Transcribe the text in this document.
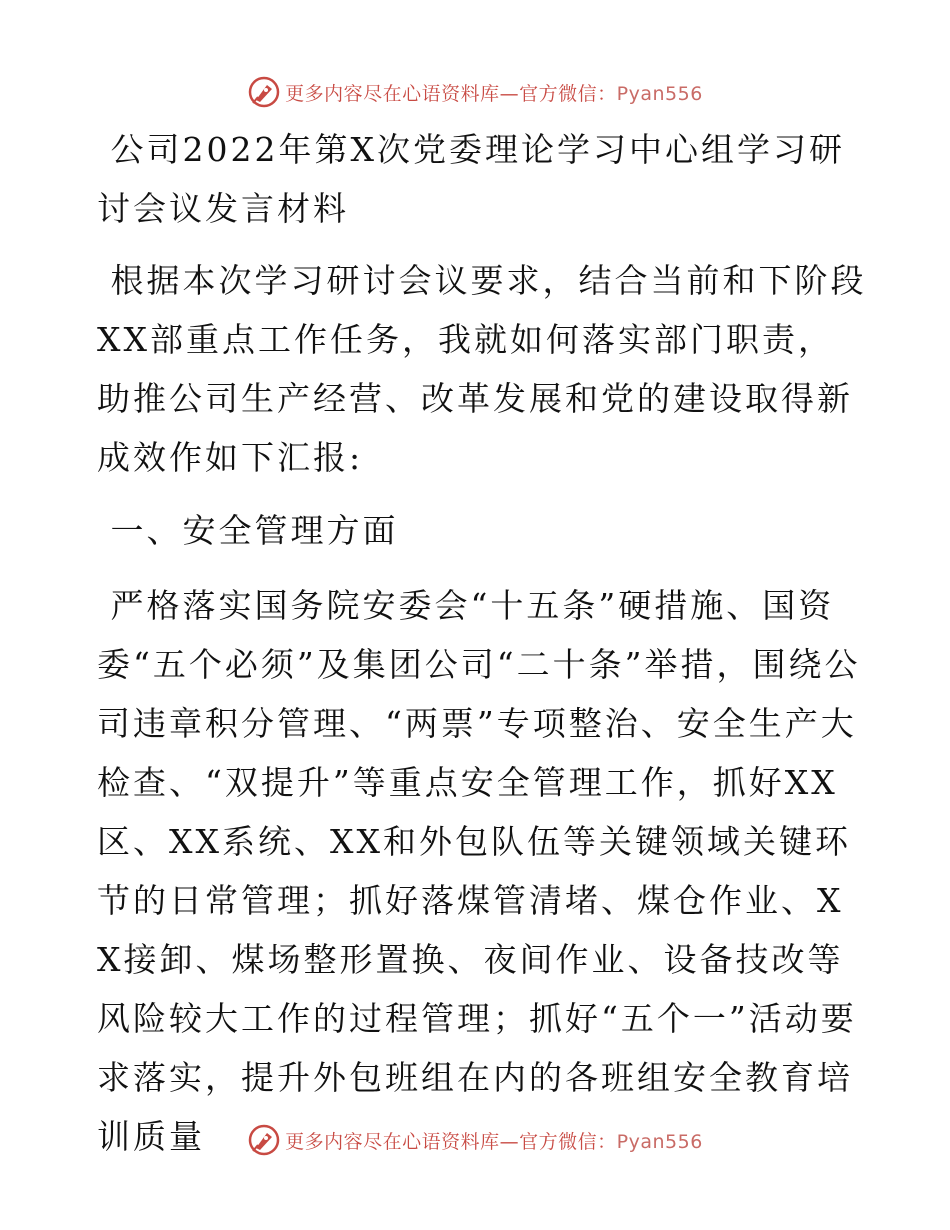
更多内容尽在心语资料库—官方微信：Pyan556

公司2022年第X次党委理论学习中心组学习研讨会议发言材料

根据本次学习研讨会议要求，结合当前和下阶段XX部重点工作任务，我就如何落实部门职责，助推公司生产经营、改革发展和党的建设取得新成效作如下汇报:

一、安全管理方面

严格落实国务院安委会“十五条”硬措施、国资委“五个必须”及集团公司“二十条”举措，围绕公司违章积分管理、“两票”专项整治、安全生产大检查、“双提升”等重点安全管理工作，抓好XX区、XX系统、XX和外包队伍等关键领域关键环节的日常管理；抓好落煤管清堵、煤仓作业、XX接卸、煤场整形置换、夜间作业、设备技改等风险较大工作的过程管理；抓好“五个一”活动要求落实，提升外包班组在内的各班组安全教育培训质量	更多内容尽在心语资料库—官方微信：Pyan556
